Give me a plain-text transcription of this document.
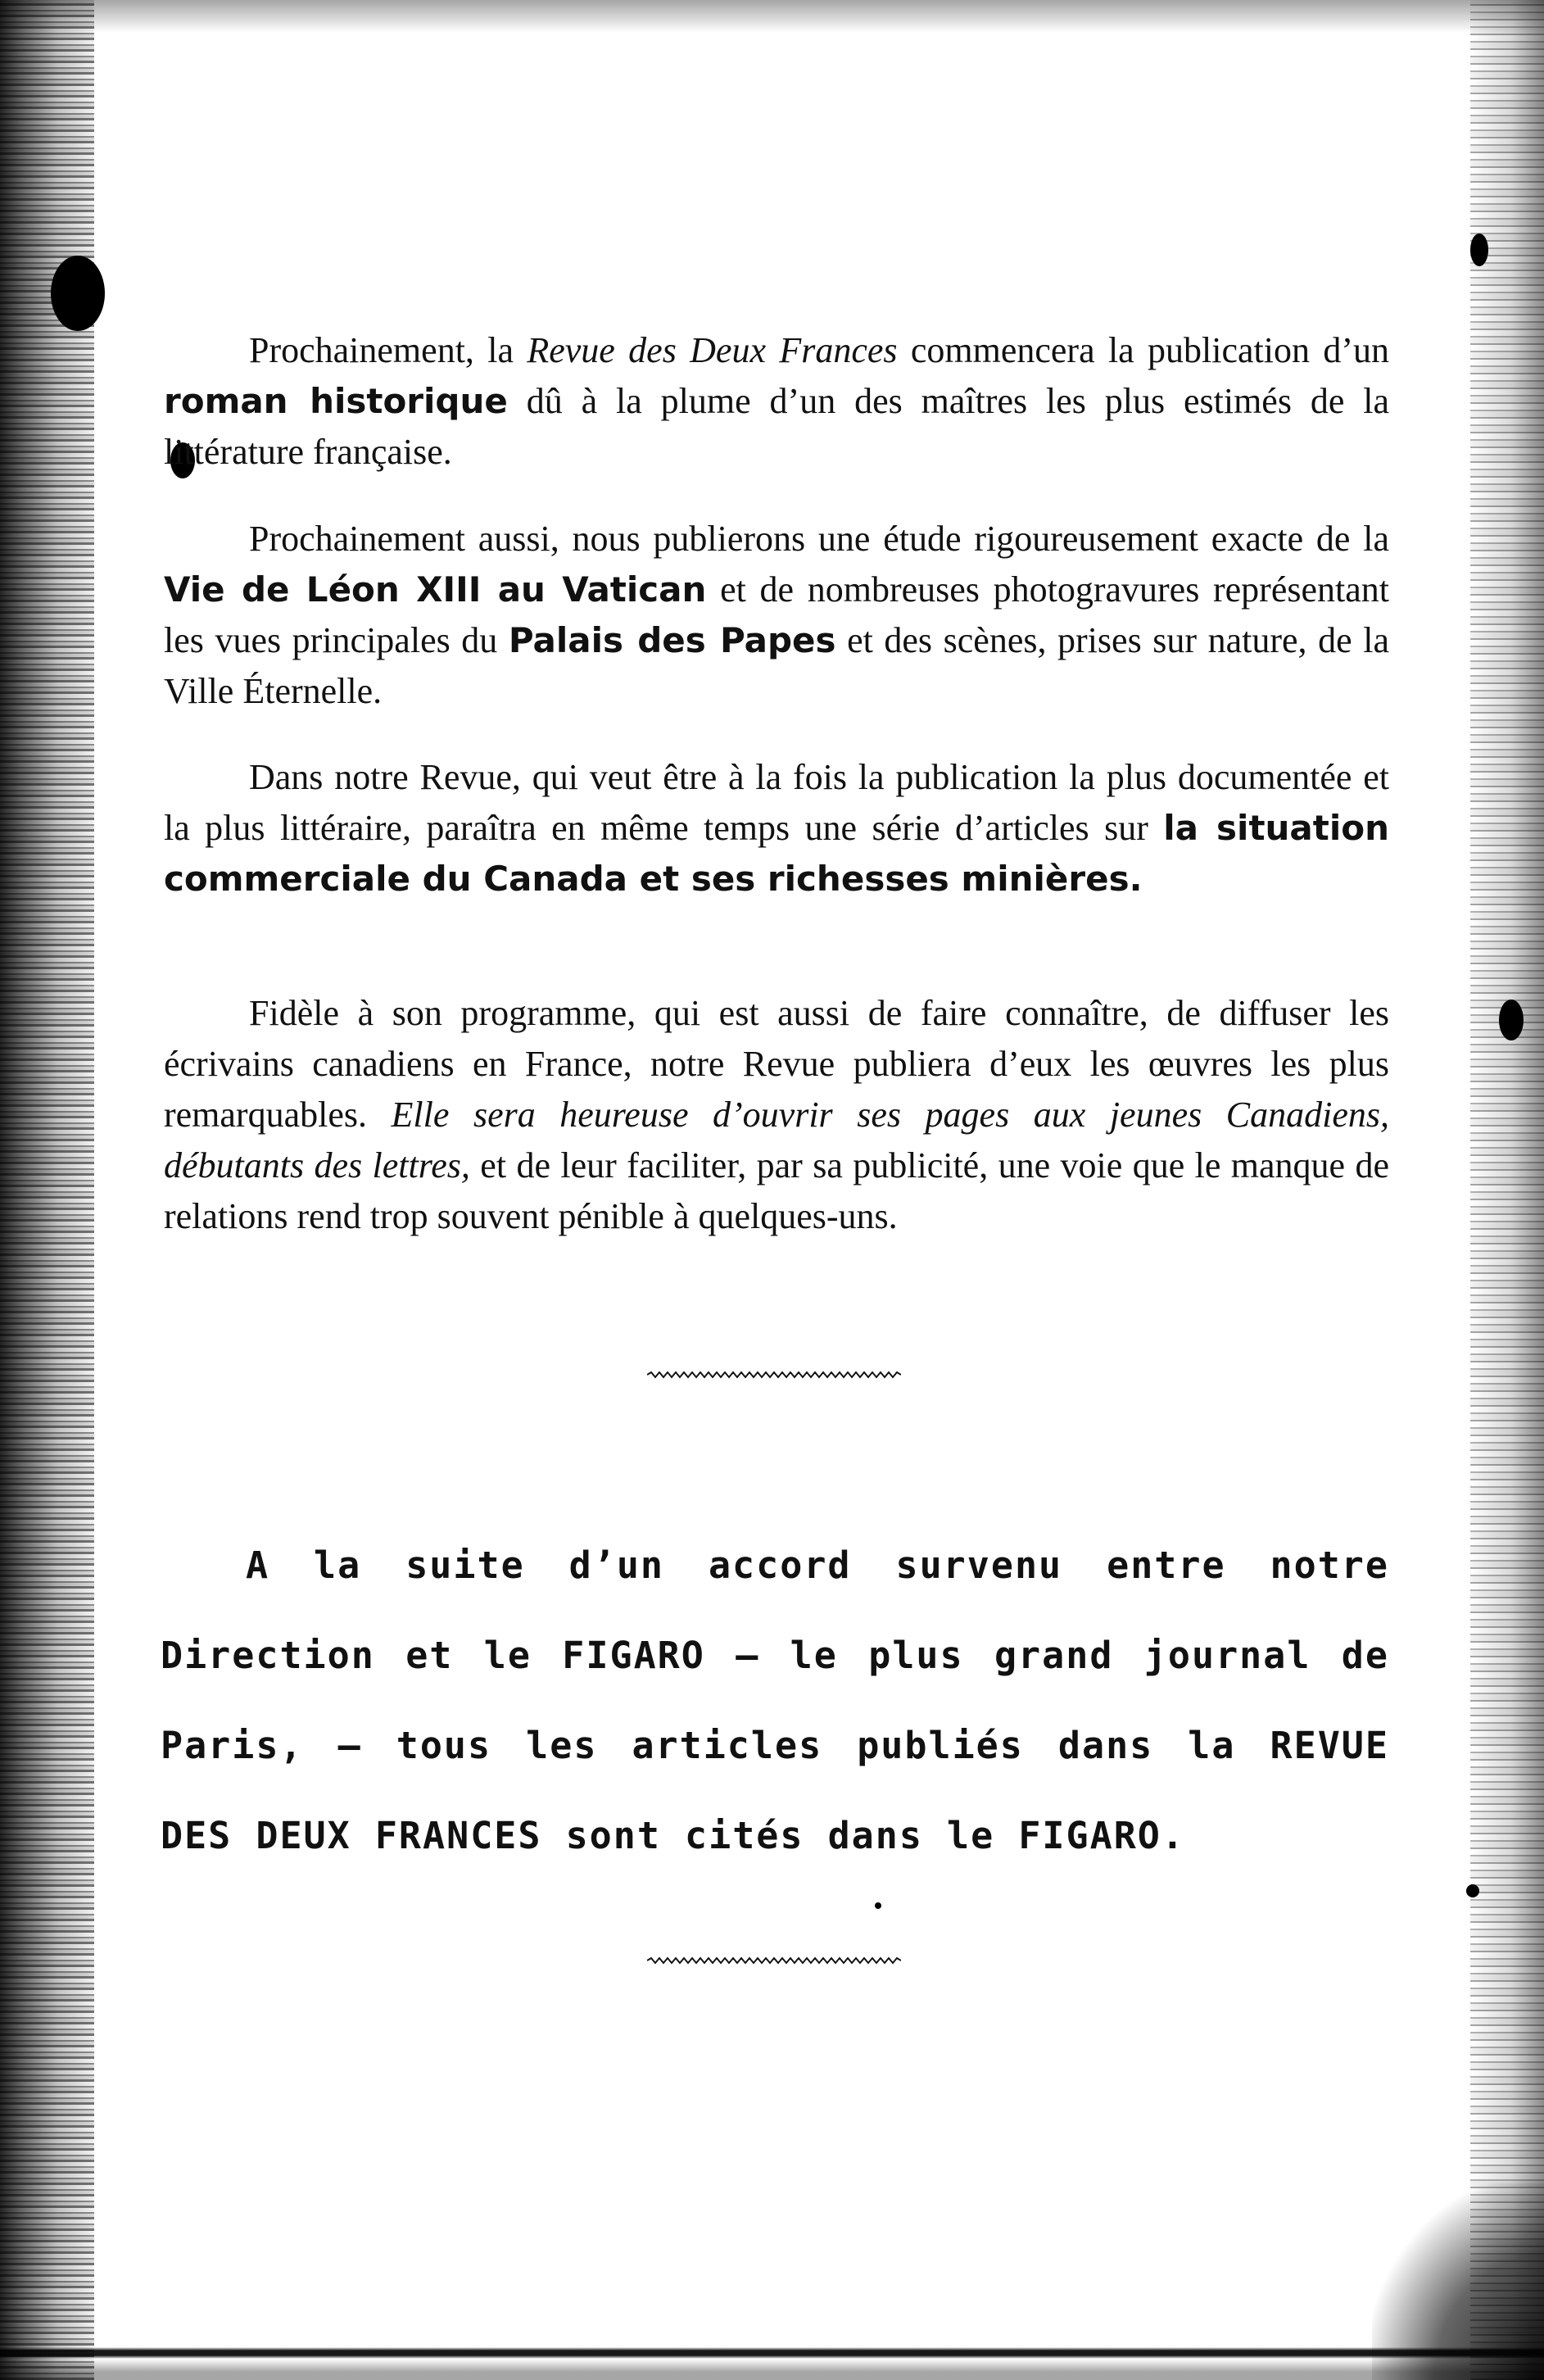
Prochainement, la Revue des Deux Frances commencera la publication d’un roman historique dû à la plume d’un des maîtres les plus estimés de la littérature française.

Prochainement aussi, nous publierons une étude rigoureusement exacte de la Vie de Léon XIII au Vatican et de nombreuses photogravures représentant les vues principales du Palais des Papes et des scènes, prises sur nature, de la Ville Éternelle.

Dans notre Revue, qui veut être à la fois la publication la plus documentée et la plus littéraire, paraîtra en même temps une série d’articles sur la situation commerciale du Canada et ses richesses minières.

Fidèle à son programme, qui est aussi de faire connaître, de diffuser les écrivains canadiens en France, notre Revue publiera d’eux les œuvres les plus remarquables. Elle sera heureuse d’ouvrir ses pages aux jeunes Canadiens, débutants des lettres, et de leur faciliter, par sa publicité, une voie que le manque de relations rend trop souvent pénible à quelques-uns.

A la suite d’un accord survenu entre notre Direction et le FIGARO — le plus grand journal de Paris, — tous les articles publiés dans la REVUE DES DEUX FRANCES sont cités dans le FIGARO.
